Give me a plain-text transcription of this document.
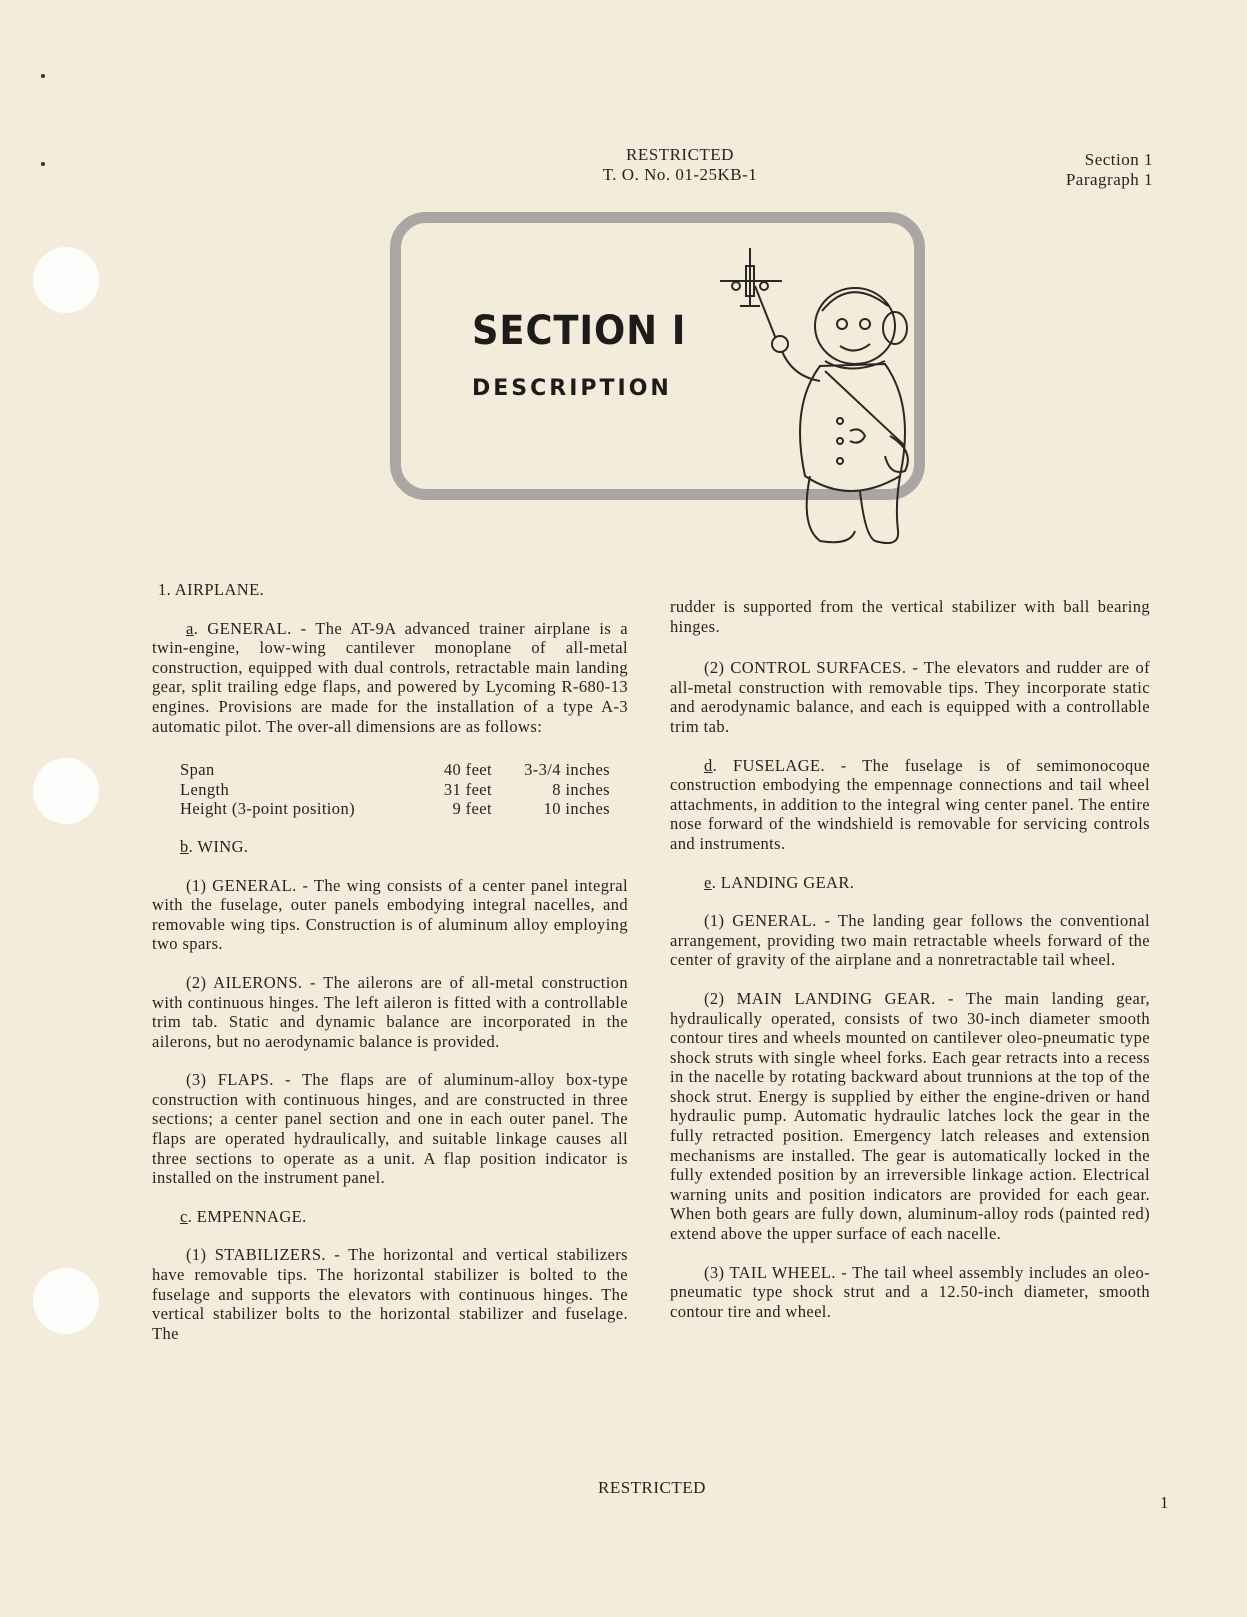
RESTRICTED
T. O. No. 01-25KB-1
Section 1
Paragraph 1
SECTION I
DESCRIPTION
1. AIRPLANE.

a. GENERAL. - The AT-9A advanced trainer airplane is a twin-engine, low-wing cantilever monoplane of all-metal construction, equipped with dual controls, retractable main landing gear, split trailing edge flaps, and powered by Lycoming R-680-13 engines. Provisions are made for the installation of a type A-3 automatic pilot. The over-all dimensions are as follows:

Span	40 feet	3-3/4 inches
Length	31 feet	8 inches
Height (3-point position)	9 feet	10 inches
b. WING.

(1) GENERAL. - The wing consists of a center panel integral with the fuselage, outer panels embodying integral nacelles, and removable wing tips. Construction is of aluminum alloy employing two spars.

(2) AILERONS. - The ailerons are of all-metal construction with continuous hinges. The left aileron is fitted with a controllable trim tab. Static and dynamic balance are incorporated in the ailerons, but no aerodynamic balance is provided.

(3) FLAPS. - The flaps are of aluminum-alloy box-type construction with continuous hinges, and are constructed in three sections; a center panel section and one in each outer panel. The flaps are operated hydraulically, and suitable linkage causes all three sections to operate as a unit. A flap position indicator is installed on the instrument panel.

c. EMPENNAGE.

(1) STABILIZERS. - The horizontal and vertical stabilizers have removable tips. The horizontal stabilizer is bolted to the fuselage and supports the elevators with continuous hinges. The vertical stabilizer bolts to the horizontal stabilizer and fuselage. The

rudder is supported from the vertical stabilizer with ball bearing hinges.

(2) CONTROL SURFACES. - The elevators and rudder are of all-metal construction with removable tips. They incorporate static and aerodynamic balance, and each is equipped with a controllable trim tab.

d. FUSELAGE. - The fuselage is of semimonocoque construction embodying the empennage connections and tail wheel attachments, in addition to the integral wing center panel. The entire nose forward of the windshield is removable for servicing controls and instruments.

e. LANDING GEAR.

(1) GENERAL. - The landing gear follows the conventional arrangement, providing two main retractable wheels forward of the center of gravity of the airplane and a nonretractable tail wheel.

(2) MAIN LANDING GEAR. - The main landing gear, hydraulically operated, consists of two 30-inch diameter smooth contour tires and wheels mounted on cantilever oleo-pneumatic type shock struts with single wheel forks. Each gear retracts into a recess in the nacelle by rotating backward about trunnions at the top of the shock strut. Energy is supplied by either the engine-driven or hand hydraulic pump. Automatic hydraulic latches lock the gear in the fully retracted position. Emergency latch releases and extension mechanisms are installed. The gear is automatically locked in the fully extended position by an irreversible linkage action. Electrical warning units and position indicators are provided for each gear. When both gears are fully down, aluminum-alloy rods (painted red) extend above the upper surface of each nacelle.

(3) TAIL WHEEL. - The tail wheel assembly includes an oleo-pneumatic type shock strut and a 12.50-inch diameter, smooth contour tire and wheel.

RESTRICTED
1
